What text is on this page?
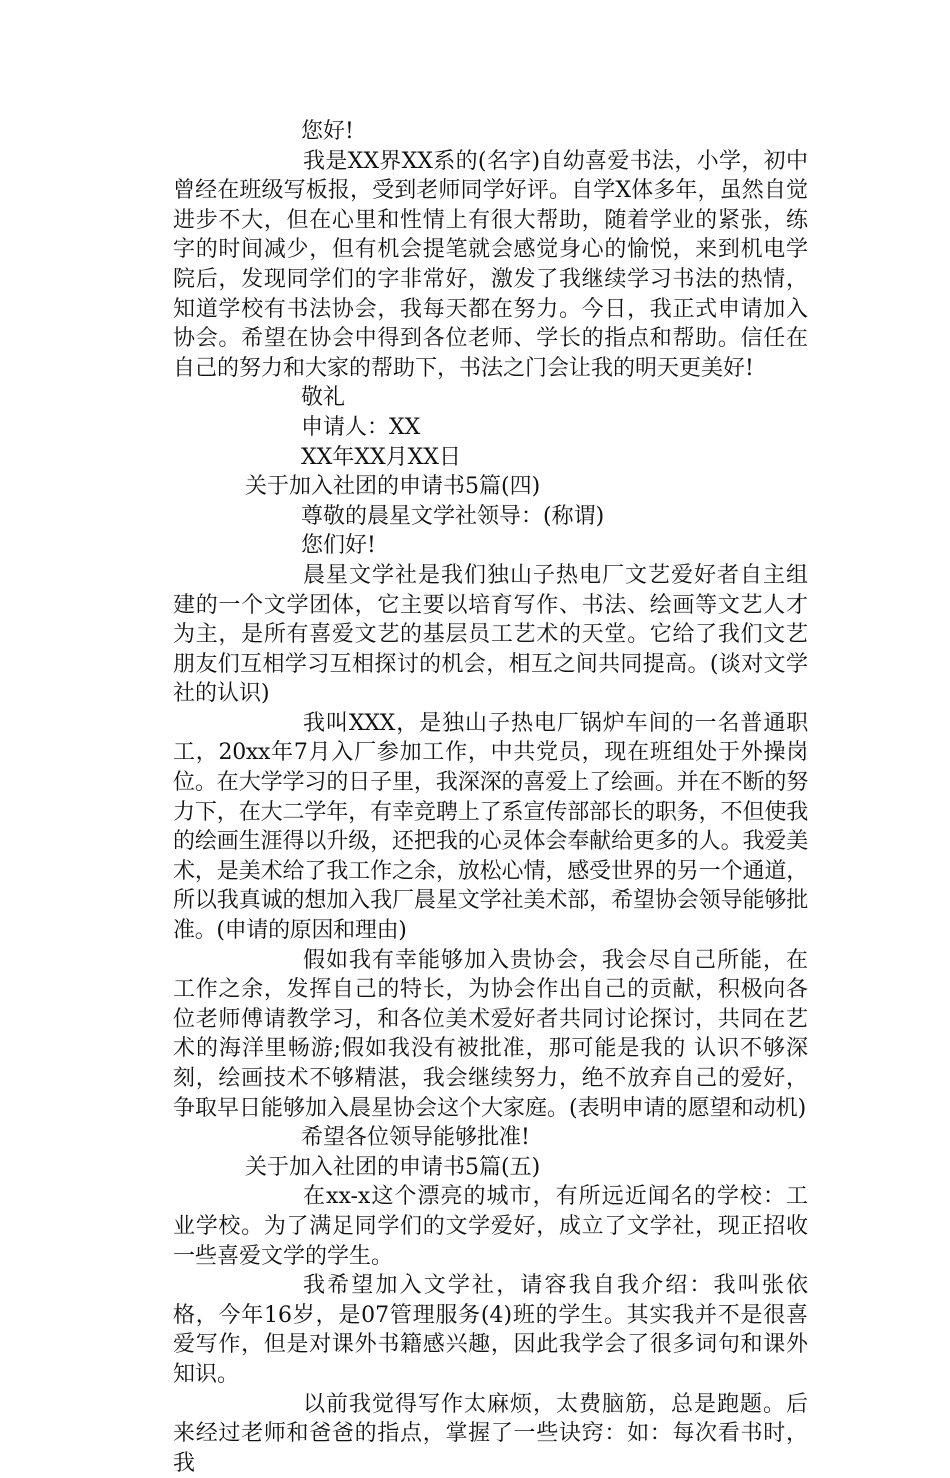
您好!

我是XX界XX系的(名字)自幼喜爱书法，小学，初中曾经在班级写板报，受到老师同学好评。自学X体多年，虽然自觉进步不大，但在心里和性情上有很大帮助，随着学业的紧张，练字的时间减少，但有机会提笔就会感觉身心的愉悦，来到机电学院后，发现同学们的字非常好，激发了我继续学习书法的热情，知道学校有书法协会，我每天都在努力。今日，我正式申请加入协会。希望在协会中得到各位老师、学长的指点和帮助。信任在自己的努力和大家的帮助下，书法之门会让我的明天更美好!

敬礼

申请人：XX

XX年XX月XX日

关于加入社团的申请书5篇(四)

尊敬的晨星文学社领导：(称谓)

您们好!

晨星文学社是我们独山子热电厂文艺爱好者自主组建的一个文学团体，它主要以培育写作、书法、绘画等文艺人才为主，是所有喜爱文艺的基层员工艺术的天堂。它给了我们文艺朋友们互相学习互相探讨的机会，相互之间共同提高。(谈对文学社的认识)

我叫XXX，是独山子热电厂锅炉车间的一名普通职工，20xx年7月入厂参加工作，中共党员，现在班组处于外操岗位。在大学学习的日子里，我深深的喜爱上了绘画。并在不断的努力下，在大二学年，有幸竞聘上了系宣传部部长的职务，不但使我的绘画生涯得以升级，还把我的心灵体会奉献给更多的人。我爱美术，是美术给了我工作之余，放松心情，感受世界的另一个通道，所以我真诚的想加入我厂晨星文学社美术部，希望协会领导能够批准。(申请的原因和理由)

假如我有幸能够加入贵协会，我会尽自己所能，在工作之余，发挥自己的特长，为协会作出自己的贡献，积极向各位老师傅请教学习，和各位美术爱好者共同讨论探讨，共同在艺术的海洋里畅游;假如我没有被批准，那可能是我的 认识不够深刻，绘画技术不够精湛，我会继续努力，绝不放弃自己的爱好，争取早日能够加入晨星协会这个大家庭。(表明申请的愿望和动机)

希望各位领导能够批准!

关于加入社团的申请书5篇(五)

在xx-x这个漂亮的城市，有所远近闻名的学校：工业学校。为了满足同学们的文学爱好，成立了文学社，现正招收一些喜爱文学的学生。

我希望加入文学社，请容我自我介绍：我叫张依格，今年16岁，是07管理服务(4)班的学生。其实我并不是很喜爱写作，但是对课外书籍感兴趣，因此我学会了很多词句和课外知识。

以前我觉得写作太麻烦，太费脑筋，总是跑题。后来经过老师和爸爸的指点，掌握了一些诀窍：如：每次看书时，我
